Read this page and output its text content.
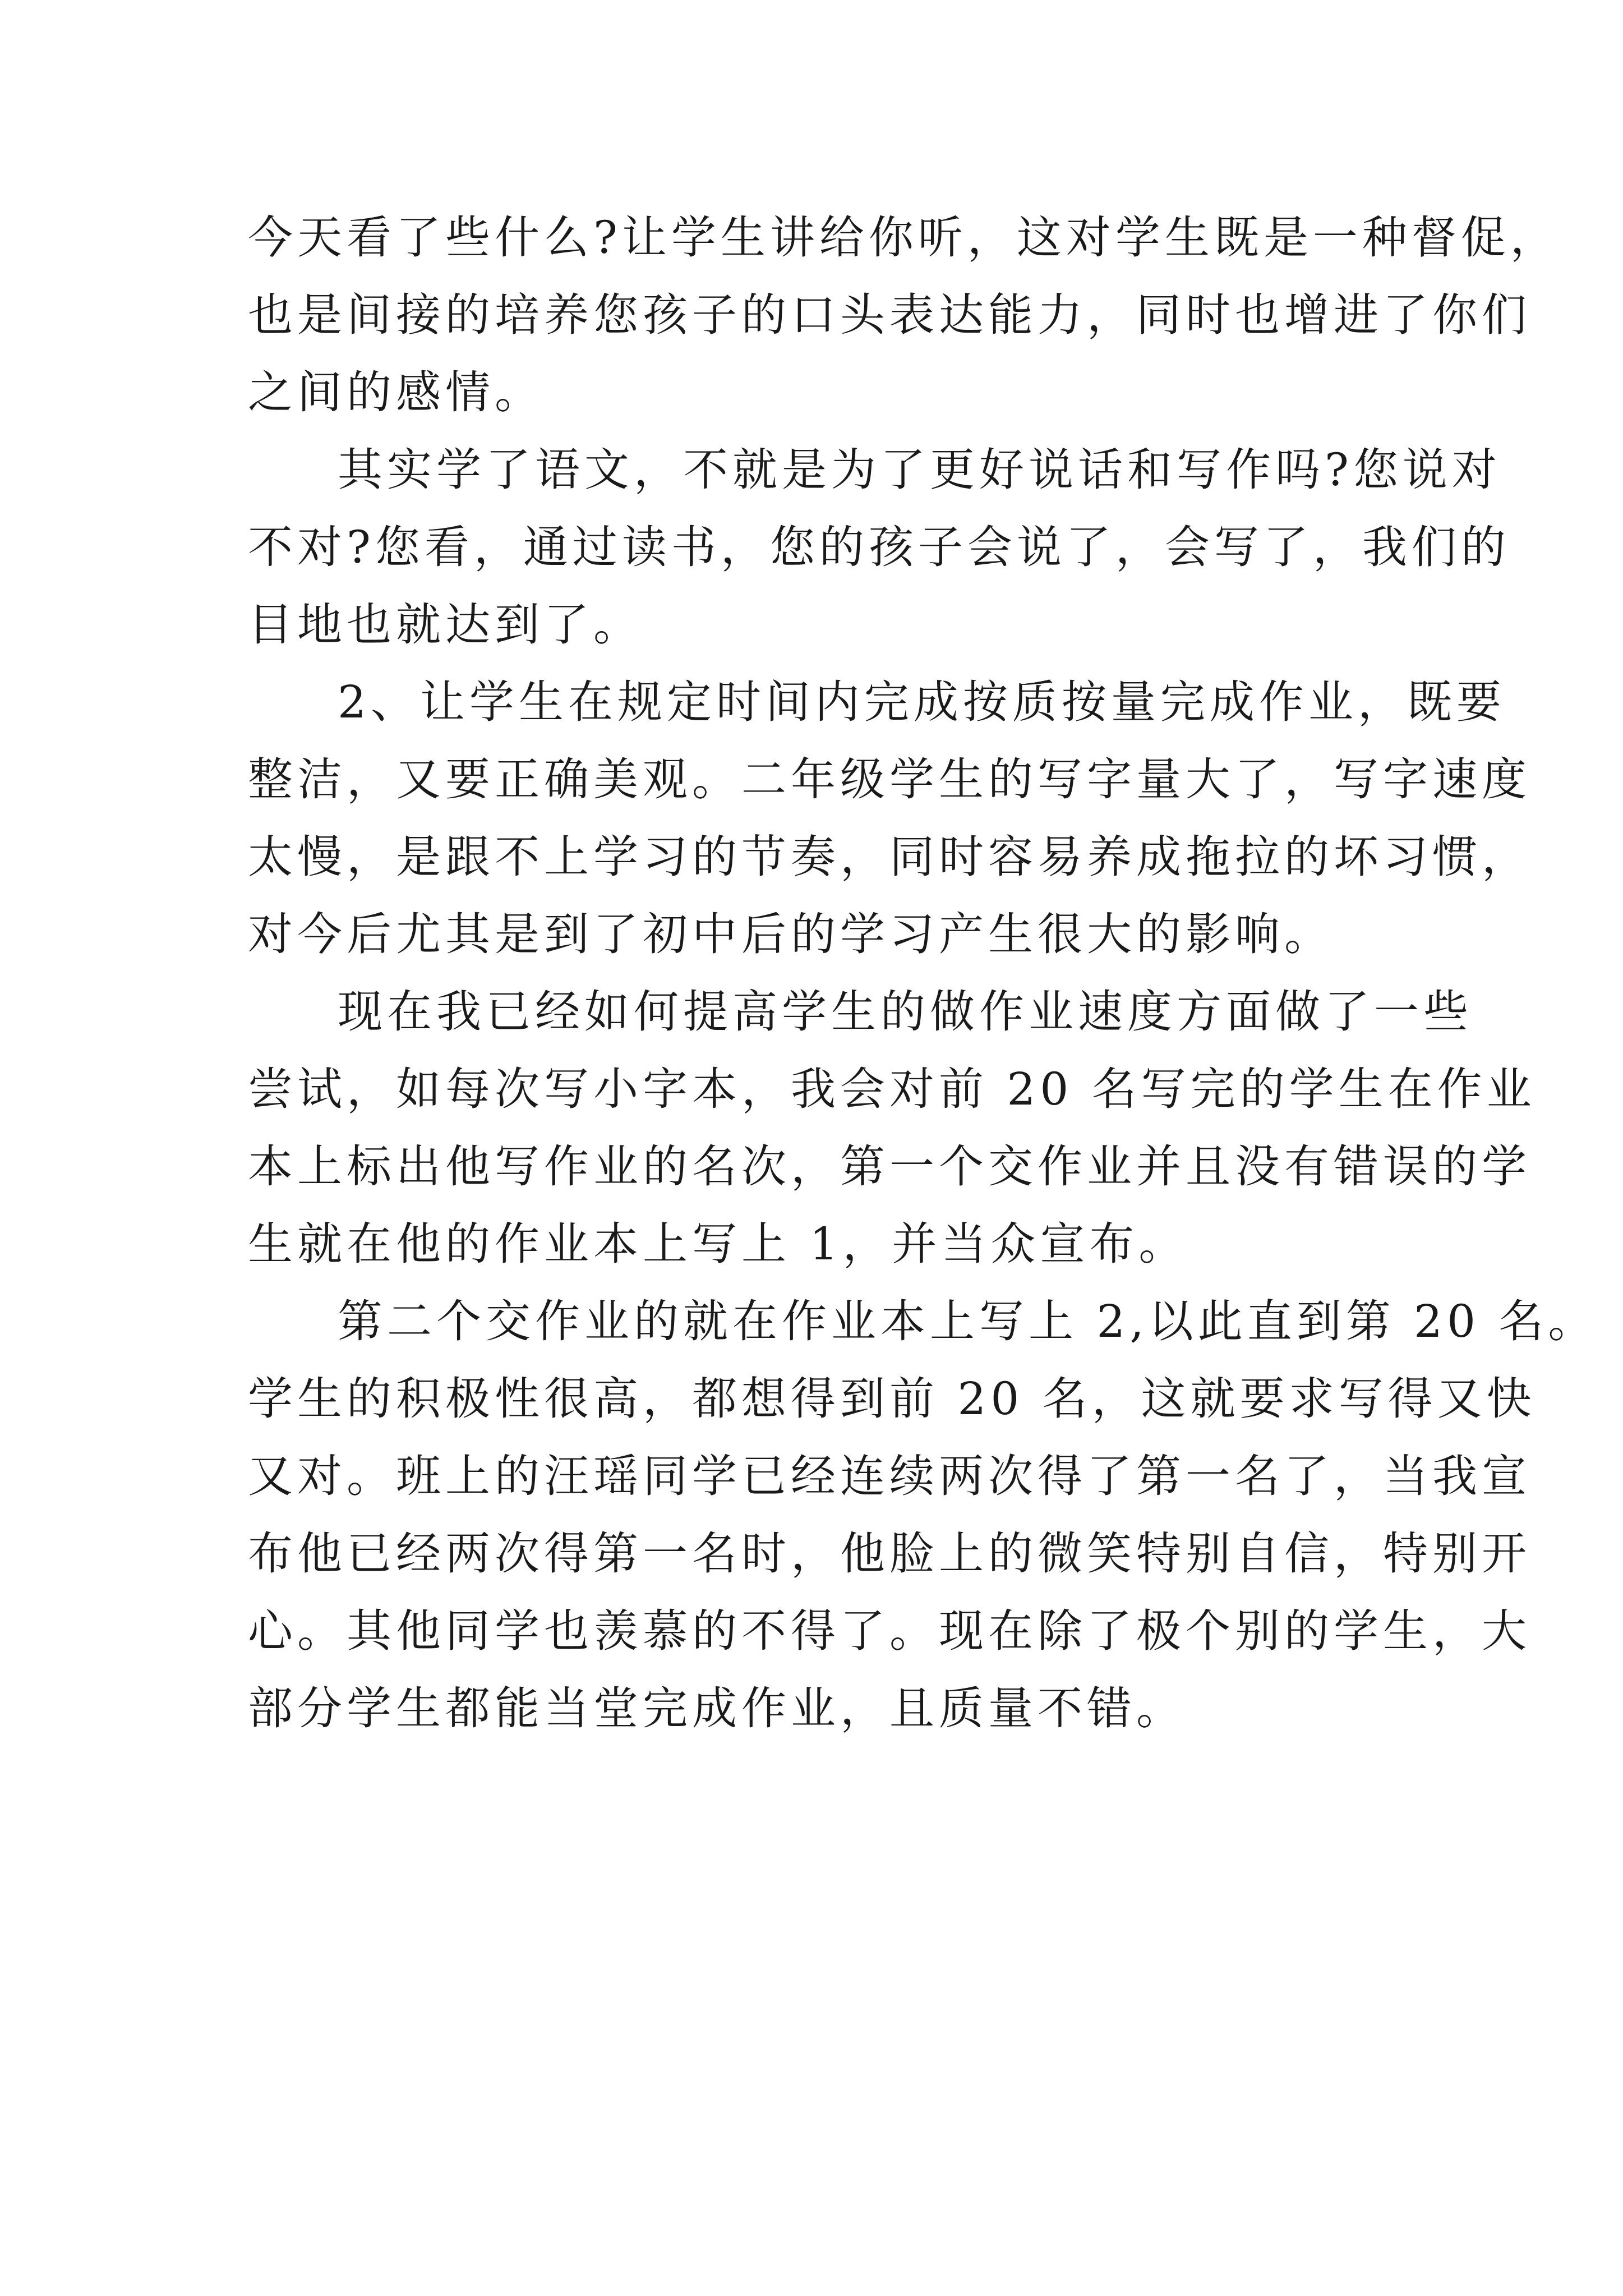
今天看了些什么?让学生讲给你听，这对学生既是一种督促，
也是间接的培养您孩子的口头表达能力，同时也增进了你们
之间的感情。

其实学了语文，不就是为了更好说话和写作吗?您说对
不对?您看，通过读书，您的孩子会说了，会写了，我们的
目地也就达到了。

2、让学生在规定时间内完成按质按量完成作业，既要
整洁，又要正确美观。二年级学生的写字量大了，写字速度
太慢，是跟不上学习的节奏，同时容易养成拖拉的坏习惯，
对今后尤其是到了初中后的学习产生很大的影响。

现在我已经如何提高学生的做作业速度方面做了一些
尝试，如每次写小字本，我会对前 20 名写完的学生在作业
本上标出他写作业的名次，第一个交作业并且没有错误的学
生就在他的作业本上写上 1，并当众宣布。

第二个交作业的就在作业本上写上 2,以此直到第 20 名。
学生的积极性很高，都想得到前 20 名，这就要求写得又快
又对。班上的汪瑶同学已经连续两次得了第一名了，当我宣
布他已经两次得第一名时，他脸上的微笑特别自信，特别开
心。其他同学也羡慕的不得了。现在除了极个别的学生，大
部分学生都能当堂完成作业，且质量不错。
